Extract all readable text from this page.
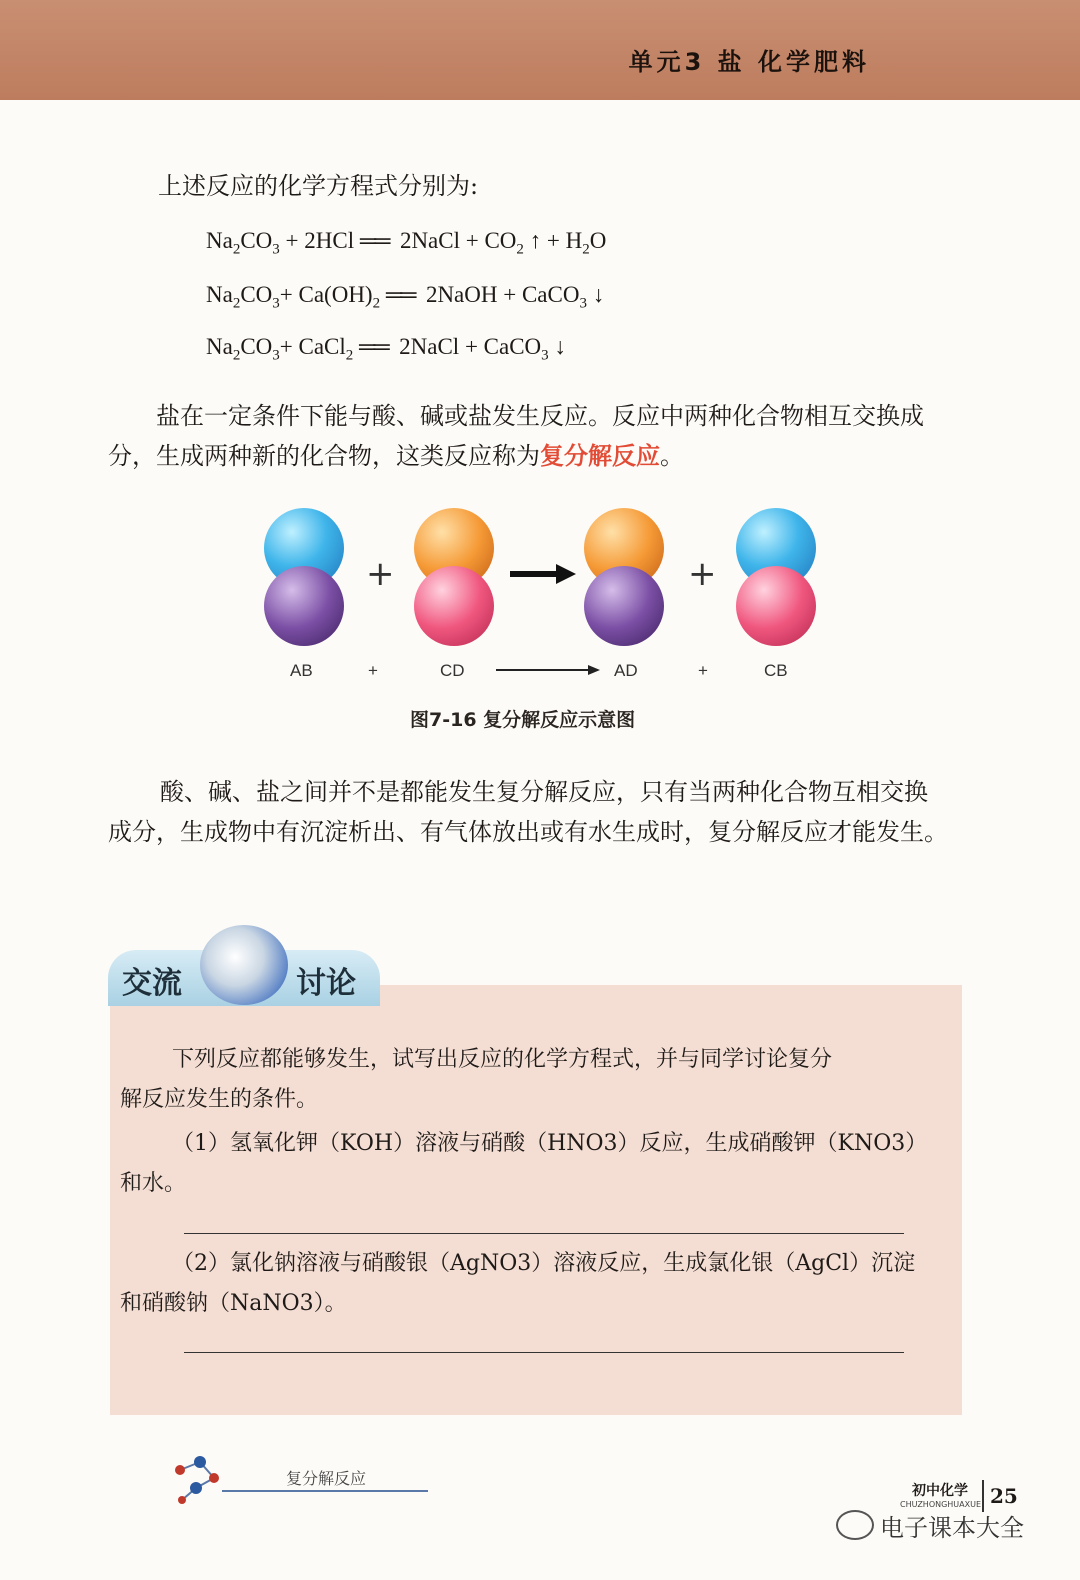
单元3 盐 化学肥料
上述反应的化学方程式分别为:
$Na_2CO_3 + 2HCl$ ══  2NaCl + $CO_2$ ↑ + $H_2O$
$Na_2CO_3+ Ca(OH)_2$ ══  2NaOH + CaCO$_3$ ↓
$Na_2CO_3+$ CaCl$_2$ ══  2NaCl + CaCO$_3$ ↓
盐在一定条件下能与酸、碱或盐发生反应。反应中两种化合物相互交换成
分，生成两种新的化合物，这类反应称为复分解反应。
+	+
AB	+	CD	AD	+	CB
图7-16 复分解反应示意图
酸、碱、盐之间并不是都能发生复分解反应，只有当两种化合物互相交换
成分，生成物中有沉淀析出、有气体放出或有水生成时，复分解反应才能发生。
交流	讨论
下列反应都能够发生，试写出反应的化学方程式，并与同学讨论复分
解反应发生的条件。
（1）氢氧化钾（KOH）溶液与硝酸（HNO3）反应，生成硝酸钾（KNO3）
和水。
（2）氯化钠溶液与硝酸银（AgNO3）溶液反应，生成氯化银（AgCl）沉淀
和硝酸钠（NaNO3）。
复分解反应
初中化学
CHUZHONGHUAXUE 25
电子课本大全
